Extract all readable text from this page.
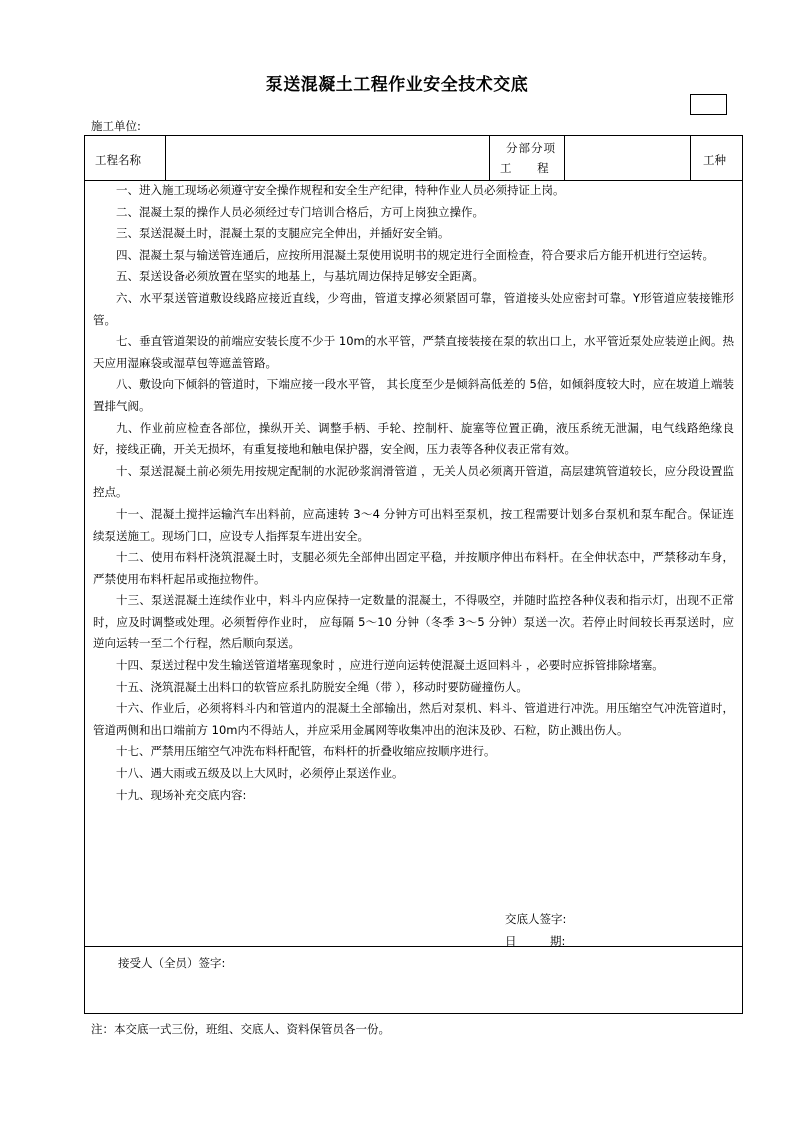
泵送混凝土工程作业安全技术交底
施工单位:
工程名称
分部分项
工 程
工种

一、进入施工现场必须遵守安全操作规程和安全生产纪律，特种作业人员必须持证上岗。

二、混凝土泵的操作人员必须经过专门培训合格后，方可上岗独立操作。

三、泵送混凝土时，混凝土泵的支腿应完全伸出，并插好安全销。

四、混凝土泵与输送管连通后，应按所用混凝土泵使用说明书的规定进行全面检查，符合要求后方能开机进行空运转。

五、泵送设备必须放置在坚实的地基上，与基坑周边保持足够安全距离。

六、水平泵送管道敷设线路应接近直线，少弯曲，管道支撑必须紧固可靠，管道接头处应密封可靠。Y形管道应装接锥形管。

七、垂直管道架设的前端应安装长度不少于 10m的水平管，严禁直接装接在泵的软出口上，水平管近泵处应装逆止阀。热天应用湿麻袋或湿草包等遮盖管路。

八、敷设向下倾斜的管道时，下端应接一段水平管， 其长度至少是倾斜高低差的 5倍，如倾斜度较大时，应在坡道上端装置排气阀。

九、作业前应检查各部位，操纵开关、调整手柄、手轮、控制杆、旋塞等位置正确，液压系统无泄漏，电气线路绝缘良好，接线正确，开关无损坏，有重复接地和触电保护器，安全阀，压力表等各种仪表正常有效。

十、泵送混凝土前必须先用按规定配制的水泥砂浆润滑管道 ，无关人员必须离开管道，高层建筑管道较长，应分段设置监控点。

十一、混凝土搅拌运输汽车出料前，应高速转 3～4 分钟方可出料至泵机，按工程需要计划多台泵机和泵车配合。保证连续泵送施工。现场门口，应设专人指挥泵车进出安全。

十二、使用布料杆浇筑混凝土时，支腿必须先全部伸出固定平稳，并按顺序伸出布料杆。在全伸状态中，严禁移动车身，严禁使用布料杆起吊或拖拉物件。

十三、泵送混凝土连续作业中，料斗内应保持一定数量的混凝土，不得吸空，并随时监控各种仪表和指示灯，出现不正常时，应及时调整或处理。必须暂停作业时， 应每隔 5～10 分钟（冬季 3～5 分钟）泵送一次。若停止时间较长再泵送时，应逆向运转一至二个行程，然后顺向泵送。

十四、泵送过程中发生输送管道堵塞现象时 ，应进行逆向运转使混凝土返回料斗 ，必要时应拆管排除堵塞。

十五、浇筑混凝土出料口的软管应系扎防脱安全绳（带 ），移动时要防碰撞伤人。

十六、作业后，必须将料斗内和管道内的混凝土全部输出，然后对泵机、料斗、管道进行冲洗。用压缩空气冲洗管道时，管道两侧和出口端前方 10m内不得站人，并应采用金属网等收集冲出的泡沫及砂、石粒，防止溅出伤人。

十七、严禁用压缩空气冲洗布料杆配管，布料杆的折叠收缩应按顺序进行。

十八、遇大雨或五级及以上大风时，必须停止泵送作业。

十九、现场补充交底内容:

交底人签字:
日	期:
接受人（全员）签字:
注：本交底一式三份，班组、交底人、资料保管员各一份。
